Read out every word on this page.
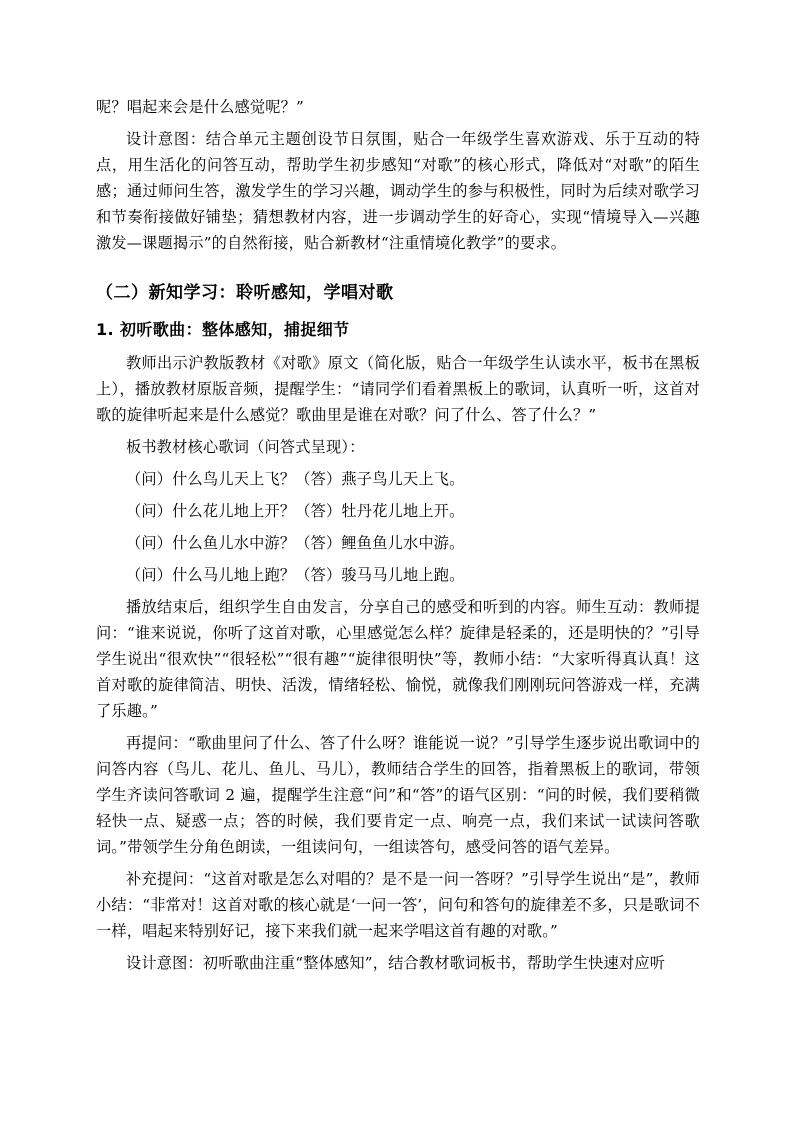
呢？唱起来会是什么感觉呢？”

设计意图：结合单元主题创设节日氛围，贴合一年级学生喜欢游戏、乐于互动的特点，用生活化的问答互动，帮助学生初步感知“对歌”的核心形式，降低对“对歌”的陌生感；通过师问生答，激发学生的学习兴趣，调动学生的参与积极性，同时为后续对歌学习和节奏衔接做好铺垫；猜想教材内容，进一步调动学生的好奇心，实现“情境导入—兴趣激发—课题揭示”的自然衔接，贴合新教材“注重情境化教学”的要求。

（二）新知学习：聆听感知，学唱对歌
1. 初听歌曲：整体感知，捕捉细节

教师出示沪教版教材《对歌》原文（简化版，贴合一年级学生认读水平，板书在黑板上），播放教材原版音频，提醒学生：“请同学们看着黑板上的歌词，认真听一听，这首对歌的旋律听起来是什么感觉？歌曲里是谁在对歌？问了什么、答了什么？”

板书教材核心歌词（问答式呈现）：

（问）什么鸟儿天上飞？（答）燕子鸟儿天上飞。

（问）什么花儿地上开？（答）牡丹花儿地上开。

（问）什么鱼儿水中游？（答）鲤鱼鱼儿水中游。

（问）什么马儿地上跑？（答）骏马马儿地上跑。

播放结束后，组织学生自由发言，分享自己的感受和听到的内容。师生互动：教师提问：“谁来说说，你听了这首对歌，心里感觉怎么样？旋律是轻柔的，还是明快的？”引导学生说出“很欢快”“很轻松”“很有趣”“旋律很明快”等，教师小结：“大家听得真认真！这首对歌的旋律简洁、明快、活泼，情绪轻松、愉悦，就像我们刚刚玩问答游戏一样，充满了乐趣。”

再提问：“歌曲里问了什么、答了什么呀？谁能说一说？”引导学生逐步说出歌词中的问答内容（鸟儿、花儿、鱼儿、马儿），教师结合学生的回答，指着黑板上的歌词，带领学生齐读问答歌词 2 遍，提醒学生注意“问”和“答”的语气区别：“问的时候，我们要稍微轻快一点、疑惑一点；答的时候，我们要肯定一点、响亮一点，我们来试一试读问答歌词。”带领学生分角色朗读，一组读问句，一组读答句，感受问答的语气差异。

补充提问：“这首对歌是怎么对唱的？是不是一问一答呀？”引导学生说出“是”，教师小结：“非常对！这首对歌的核心就是‘一问一答’，问句和答句的旋律差不多，只是歌词不一样，唱起来特别好记，接下来我们就一起来学唱这首有趣的对歌。”

设计意图：初听歌曲注重“整体感知”，结合教材歌词板书，帮助学生快速对应听
